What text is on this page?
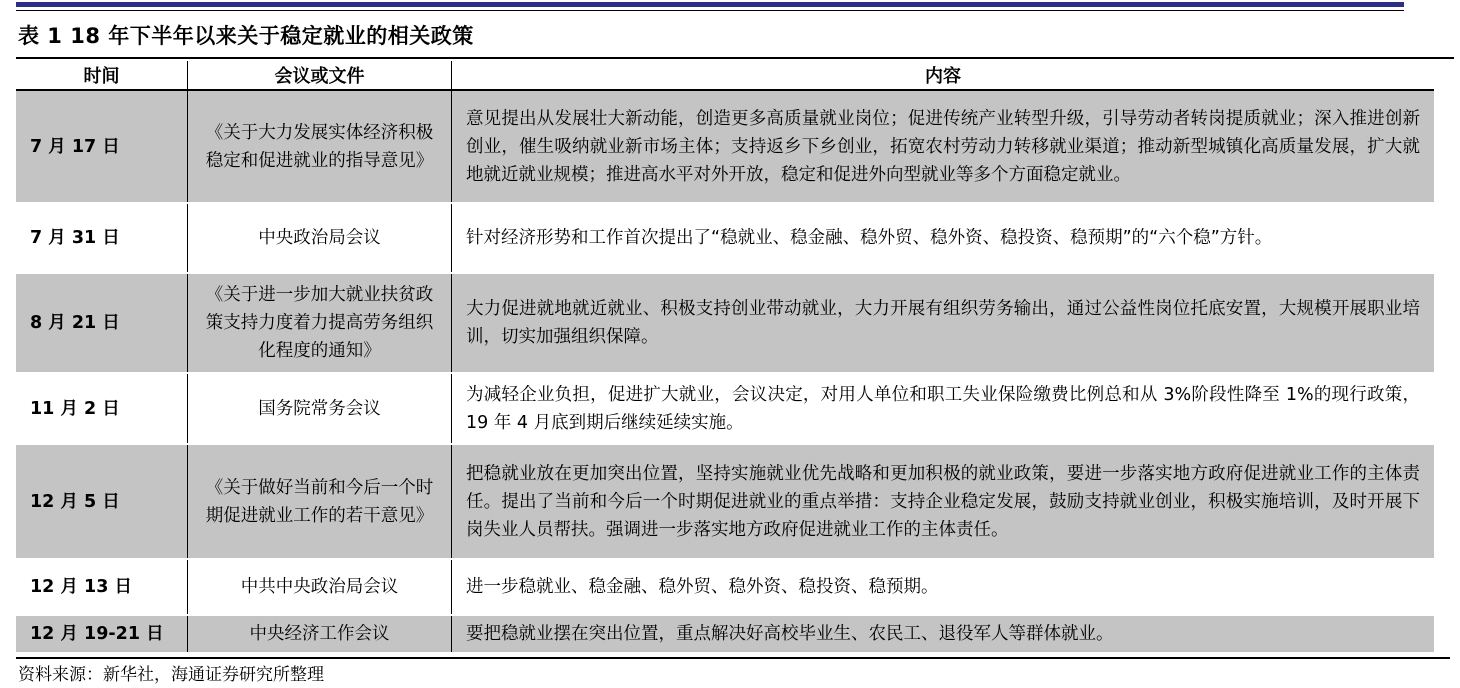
表 1 18 年下半年以来关于稳定就业的相关政策
时间	会议或文件	内容
7 月 17 日	《关于大力发展实体经济积极稳定和促进就业的指导意见》	意见提出从发展壮大新动能，创造更多高质量就业岗位；促进传统产业转型升级，引导劳动者转岗提质就业；深入推进创新创业，催生吸纳就业新市场主体；支持返乡下乡创业，拓宽农村劳动力转移就业渠道；推动新型城镇化高质量发展，扩大就地就近就业规模；推进高水平对外开放，稳定和促进外向型就业等多个方面稳定就业。
7 月 31 日	中央政治局会议	针对经济形势和工作首次提出了“稳就业、稳金融、稳外贸、稳外资、稳投资、稳预期”的“六个稳”方针。
8 月 21 日	《关于进一步加大就业扶贫政策支持力度着力提高劳务组织化程度的通知》	大力促进就地就近就业、积极支持创业带动就业，大力开展有组织劳务输出，通过公益性岗位托底安置，大规模开展职业培训，切实加强组织保障。
11 月 2 日	国务院常务会议	为减轻企业负担，促进扩大就业，会议决定，对用人单位和职工失业保险缴费比例总和从 3%阶段性降至 1%的现行政策，19 年 4 月底到期后继续延续实施。
12 月 5 日	《关于做好当前和今后一个时期促进就业工作的若干意见》	把稳就业放在更加突出位置，坚持实施就业优先战略和更加积极的就业政策，要进一步落实地方政府促进就业工作的主体责任。提出了当前和今后一个时期促进就业的重点举措：支持企业稳定发展，鼓励支持就业创业，积极实施培训，及时开展下岗失业人员帮扶。强调进一步落实地方政府促进就业工作的主体责任。
12 月 13 日	中共中央政治局会议	进一步稳就业、稳金融、稳外贸、稳外资、稳投资、稳预期。
12 月 19-21 日	中央经济工作会议	要把稳就业摆在突出位置，重点解决好高校毕业生、农民工、退役军人等群体就业。
资料来源：新华社，海通证券研究所整理
